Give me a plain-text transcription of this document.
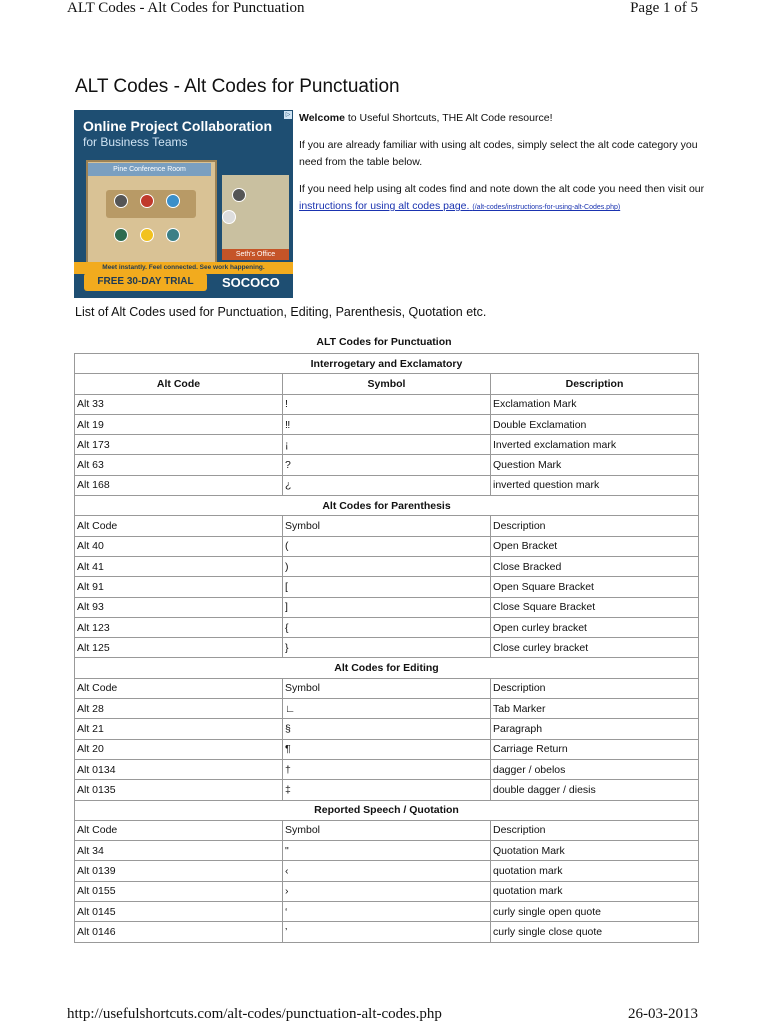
ALT Codes - Alt Codes for Punctuation	Page 1 of 5
ALT Codes - Alt Codes for Punctuation
▷
Online Project Collaboration
for Business Teams
Pine Conference Room
Seth's Office
Meet instantly. Feel connected. See work happening.
FREE 30-DAY TRIAL	SOCOCO
Welcome to Useful Shortcuts, THE Alt Code resource!
If you are already familiar with using alt codes, simply select the alt code category you need from the table below.
If you need help using alt codes find and note down the alt code you need then visit our
instructions for using alt codes page. (/alt-codes/instructions-for-using-alt-Codes.php)
List of Alt Codes used for Punctuation, Editing, Parenthesis, Quotation etc.
ALT Codes for Punctuation
Interrogetary and Exclamatory		
Alt Code	Symbol	Description
Alt 33	!	Exclamation Mark
Alt 19	‼	Double Exclamation
Alt 173	¡	Inverted exclamation mark
Alt 63	?	Question Mark
Alt 168	¿	inverted question mark
Alt Codes for Parenthesis		
Alt Code	Symbol	Description
Alt 40	(	Open Bracket
Alt 41	)	Close Bracked
Alt 91	[	Open Square Bracket
Alt 93	]	Close Square Bracket
Alt 123	{	Open curley bracket
Alt 125	}	Close curley bracket
Alt Codes for Editing		
Alt Code	Symbol	Description
Alt 28	∟	Tab Marker
Alt 21	§	Paragraph
Alt 20	¶	Carriage Return
Alt 0134	†	dagger / obelos
Alt 0135	‡	double dagger / diesis
Reported Speech / Quotation		
Alt Code	Symbol	Description
Alt 34	"	Quotation Mark
Alt 0139	‹	quotation mark
Alt 0155	›	quotation mark
Alt 0145	‘	curly single open quote
Alt 0146	’	curly single close quote
http://usefulshortcuts.com/alt-codes/punctuation-alt-codes.php	26-03-2013
